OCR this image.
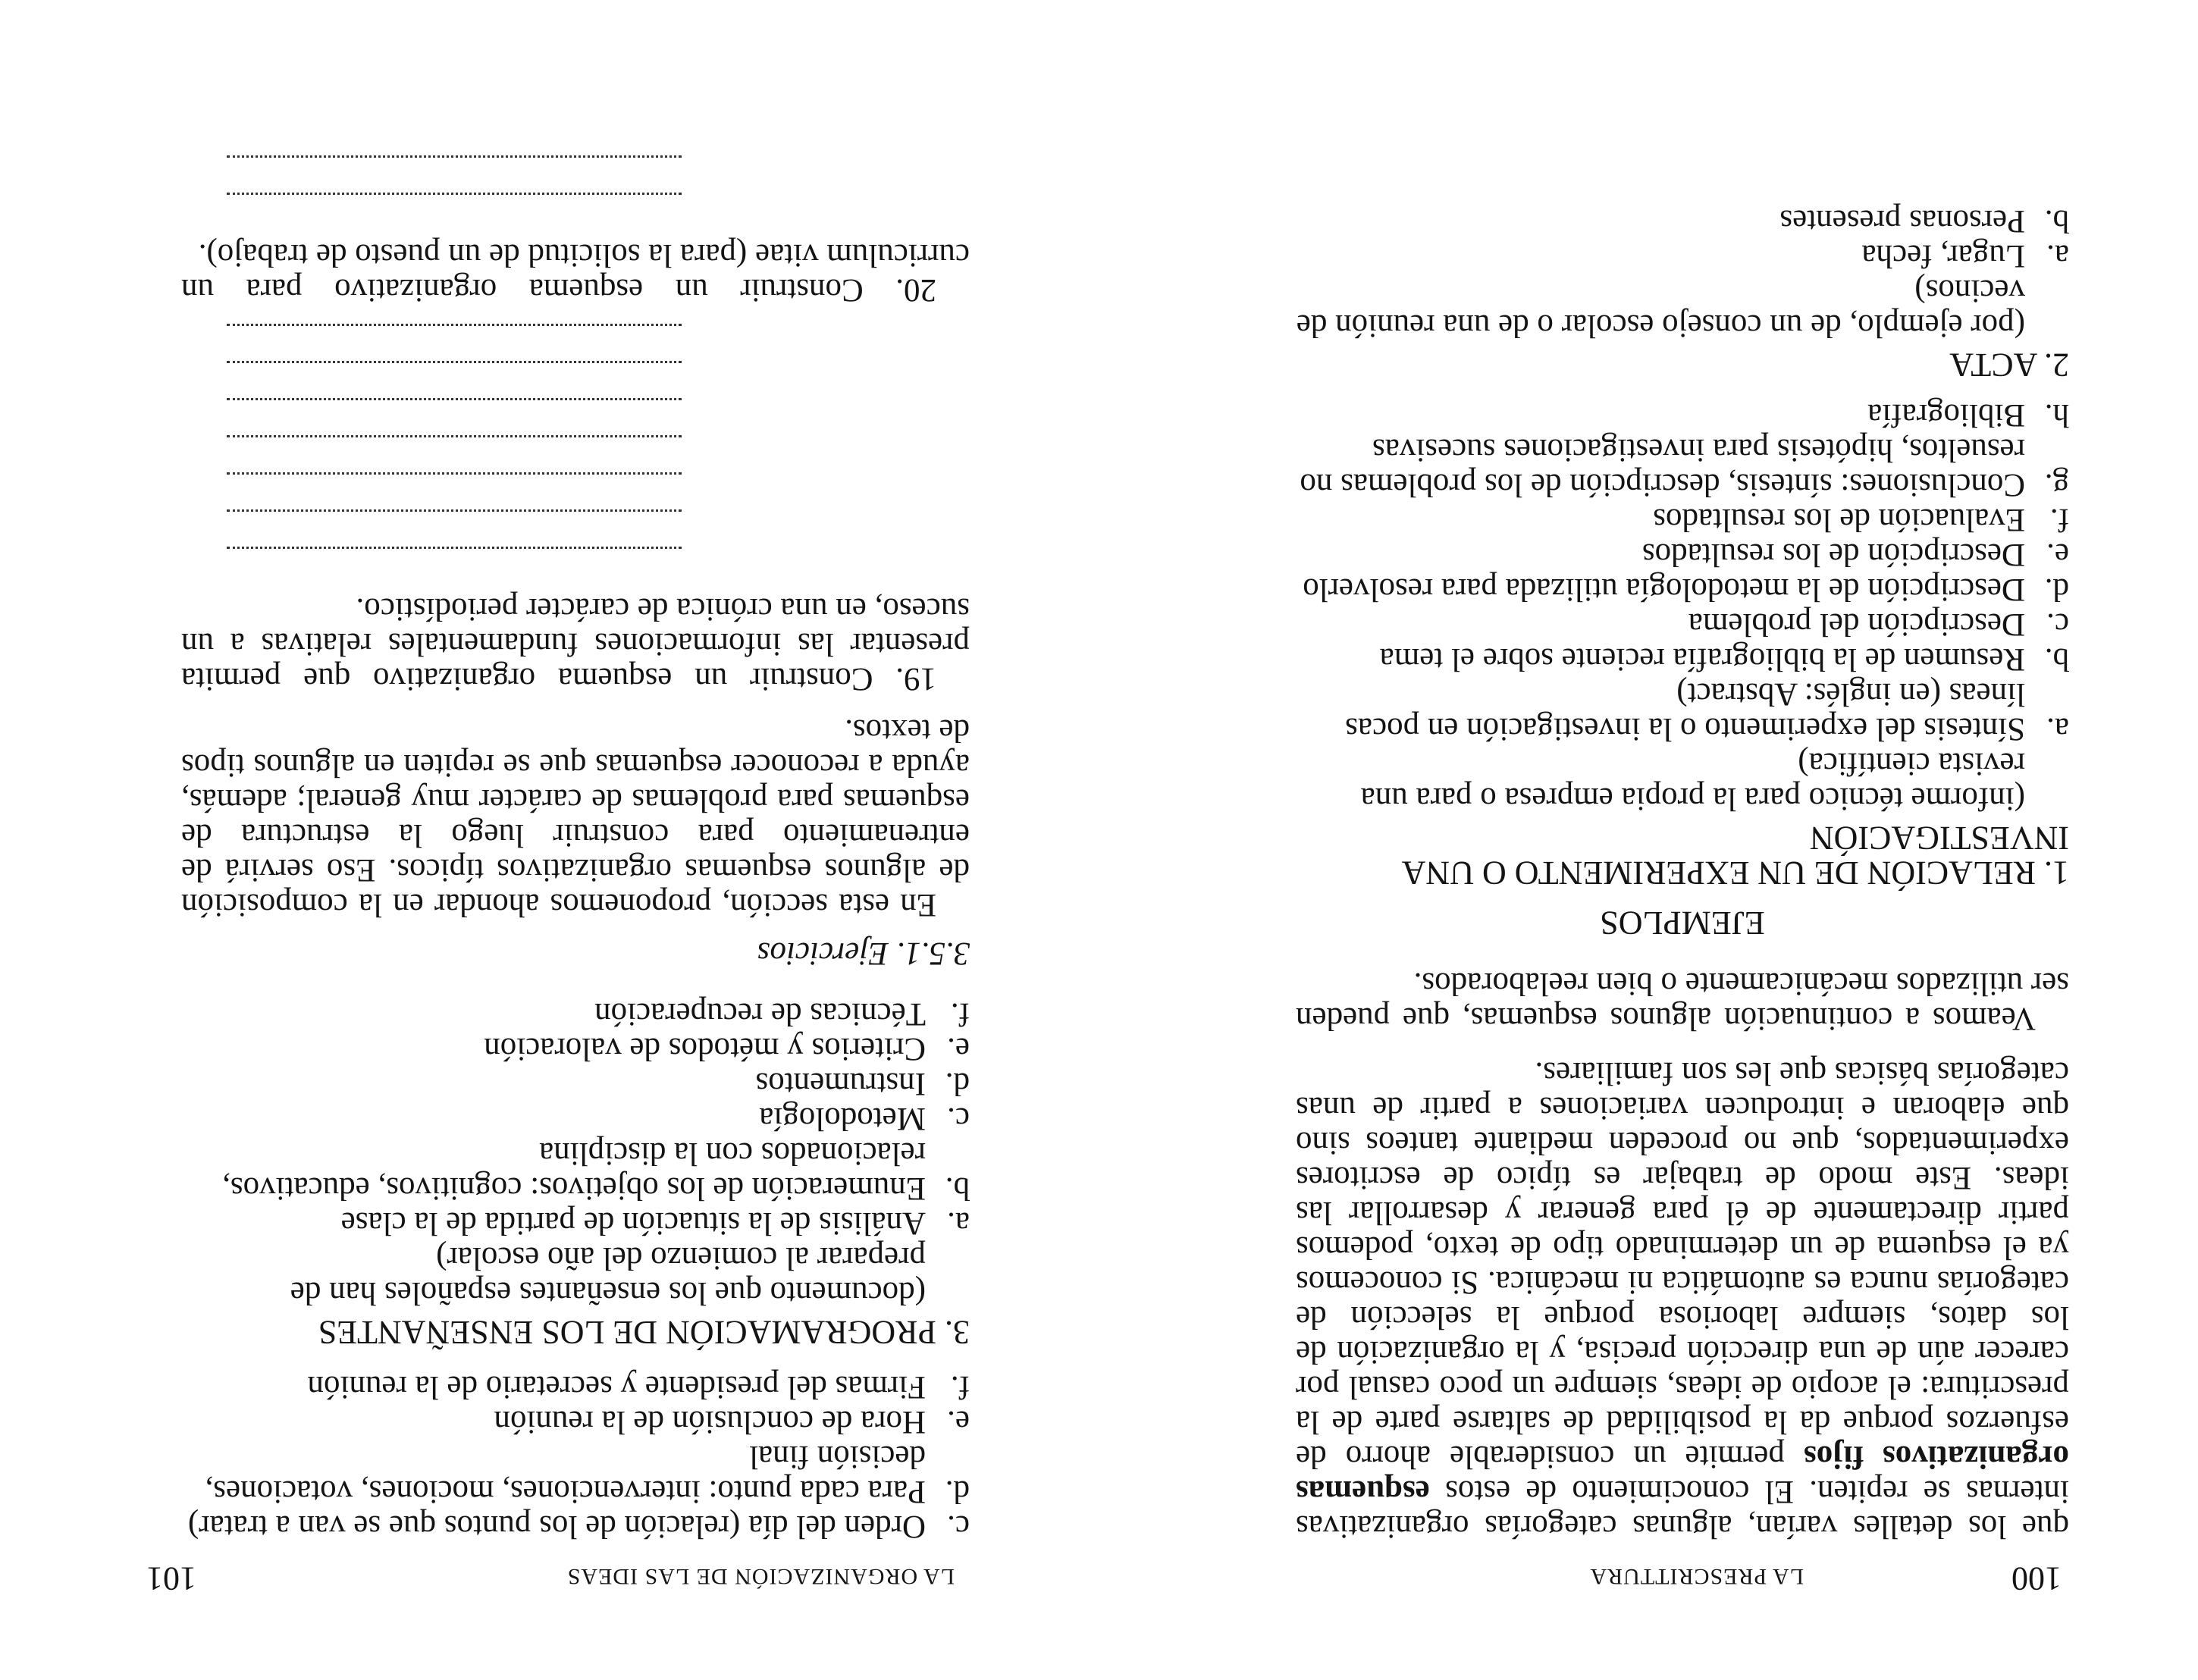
100
LA PRESCRITTURA

que los detalles varían, algunas categorías organizativas internas se repiten. El conocimiento de estos esquemas organizativos fijos permite un considerable ahorro de esfuerzos porque da la posibilidad de saltarse parte de la prescritura: el acopio de ideas, siempre un poco casual por carecer aún de una dirección precisa, y la organización de los datos, siempre laboriosa porque la selección de categorías nunca es automática ni mecánica. Si conocemos ya el esquema de un determinado tipo de texto, podemos partir directamente de él para generar y desarrollar las ideas. Este modo de trabajar es típico de escritores experimentados, que no proceden mediante tanteos sino que elaboran e introducen variaciones a partir de unas categorías básicas que les son familiares.

Veamos a continuación algunos esquemas, que pueden ser utilizados mecánicamente o bien reelaborados.

EJEMPLOS
1. RELACIÓN DE UN EXPERIMENTO O UNA INVESTIGACIÓN
(informe técnico para la propia empresa o para una revista científica)
a.
Síntesis del experimento o la investigación en pocas líneas (en inglés: Abstract)
b.
Resumen de la bibliografía reciente sobre el tema
c.
Descripción del problema
d.
Descripción de la metodología utilizada para resolverlo
e.
Descripción de los resultados
f.
Evaluación de los resultados
g.
Conclusiones: síntesis, descripción de los problemas no resueltos, hipótesis para investigaciones sucesivas
h.
Bibliografía
2. ACTA
(por ejemplo, de un consejo escolar o de una reunión de vecinos)
a.
Lugar, fecha
b.
Personas presentes
LA ORGANIZACIÓN DE LAS IDEAS
101
c.
Orden del día (relación de los puntos que se van a tratar)
d.
Para cada punto: intervenciones, mociones, votaciones, decisión final
e.
Hora de conclusión de la reunión
f.
Firmas del presidente y secretario de la reunión
3. PROGRAMACIÓN DE LOS ENSEÑANTES
(documento que los enseñantes españoles han de preparar al comienzo del año escolar)
a.
Análisis de la situación de partida de la clase
b.
Enumeración de los objetivos: cognitivos, educativos, relacionados con la disciplina
c.
Metodología
d.
Instrumentos
e.
Criterios y métodos de valoración
f.
Técnicas de recuperación
3.5.1. Ejercicios

En esta sección, proponemos ahondar en la composición de algunos esquemas organizativos típicos. Eso servirá de entrenamiento para construir luego la estructura de esquemas para problemas de carácter muy general; además, ayuda a reconocer esquemas que se repiten en algunos tipos de textos.

19. Construir un esquema organizativo que permita presentar las informaciones fundamentales relativas a un suceso, en una crónica de carácter periodístico.

20. Construir un esquema organizativo para un curriculum vitae (para la solicitud de un puesto de trabajo).
